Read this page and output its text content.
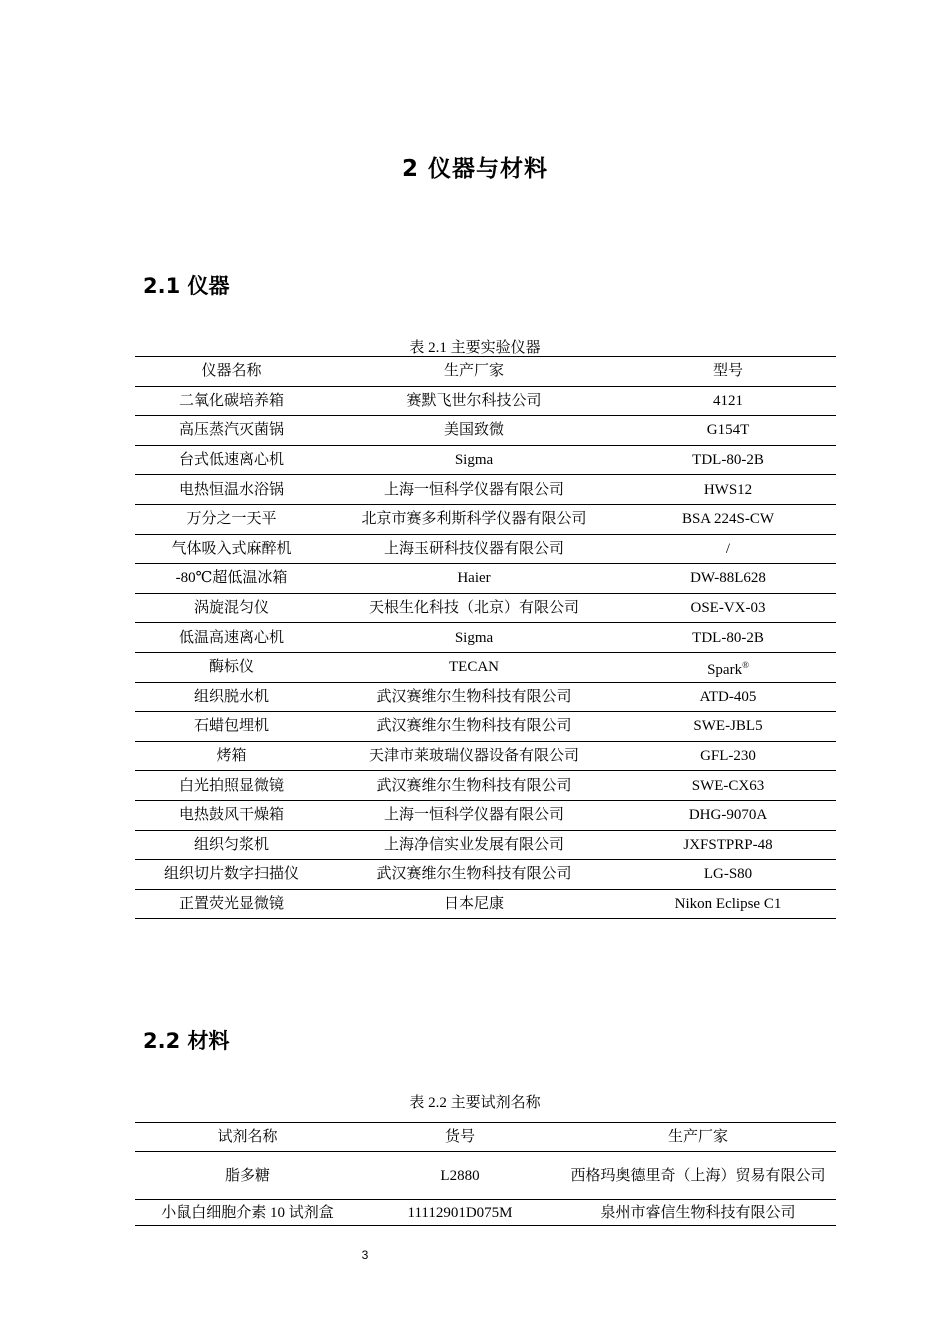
2 仪器与材料
2.1 仪器
表 2.1 主要实验仪器
仪器名称	生产厂家	型号
二氧化碳培养箱	赛默飞世尔科技公司	4121
高压蒸汽灭菌锅	美国致微	G154T
台式低速离心机	Sigma	TDL-80-2B
电热恒温水浴锅	上海一恒科学仪器有限公司	HWS12
万分之一天平	北京市赛多利斯科学仪器有限公司	BSA 224S-CW
气体吸入式麻醉机	上海玉研科技仪器有限公司	/
-80℃超低温冰箱	Haier	DW-88L628
涡旋混匀仪	天根生化科技（北京）有限公司	OSE-VX-03
低温高速离心机	Sigma	TDL-80-2B
酶标仪	TECAN	Spark®
组织脱水机	武汉赛维尔生物科技有限公司	ATD-405
石蜡包埋机	武汉赛维尔生物科技有限公司	SWE-JBL5
烤箱	天津市莱玻瑞仪器设备有限公司	GFL-230
白光拍照显微镜	武汉赛维尔生物科技有限公司	SWE-CX63
电热鼓风干燥箱	上海一恒科学仪器有限公司	DHG-9070A
组织匀浆机	上海净信实业发展有限公司	JXFSTPRP-48
组织切片数字扫描仪	武汉赛维尔生物科技有限公司	LG-S80
正置荧光显微镜	日本尼康	Nikon Eclipse C1
2.2 材料
表 2.2 主要试剂名称
试剂名称	货号	生产厂家
脂多糖	L2880	西格玛奥德里奇（上海）贸易有限公司
小鼠白细胞介素 10 试剂盒	11112901D075M	泉州市睿信生物科技有限公司
3
